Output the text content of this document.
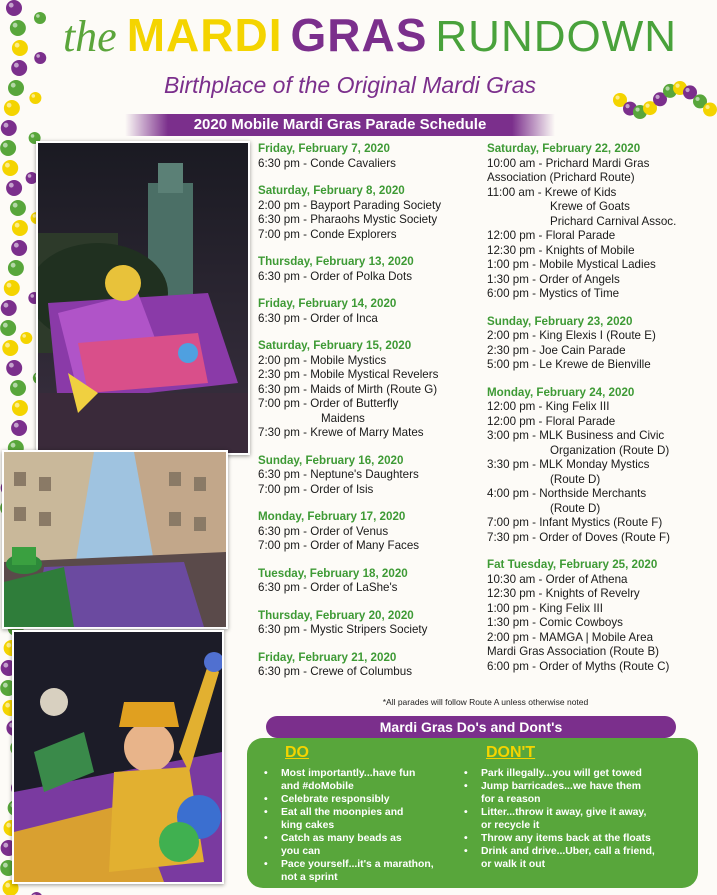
the MARDI GRAS RUNDOWN
Birthplace of the Original Mardi Gras
2020 Mobile Mardi Gras Parade Schedule
Friday, February 7, 2020
6:30 pm - Conde Cavaliers
Saturday, February 8, 2020
2:00 pm - Bayport Parading Society
6:30 pm - Pharaohs Mystic Society
7:00 pm - Conde Explorers
Thursday, February 13, 2020
6:30 pm - Order of Polka Dots
Friday, February 14, 2020
6:30 pm - Order of Inca
Saturday, February 15, 2020
2:00 pm - Mobile Mystics
2:30 pm - Mobile Mystical Revelers
6:30 pm - Maids of Mirth (Route G)
7:00 pm - Order of Butterfly
Maidens
7:30 pm - Krewe of Marry Mates
Sunday, February 16, 2020
6:30 pm - Neptune's Daughters
7:00 pm - Order of Isis
Monday, February 17, 2020
6:30 pm - Order of Venus
7:00 pm - Order of Many Faces
Tuesday, February 18, 2020
6:30 pm - Order of LaShe's
Thursday, February 20, 2020
6:30 pm - Mystic Stripers Society
Friday, February 21, 2020
6:30 pm - Crewe of Columbus
Saturday, February 22, 2020
10:00 am - Prichard Mardi Gras
Association (Prichard Route)
11:00 am - Krewe of Kids
Krewe of Goats
Prichard Carnival Assoc.
12:00 pm - Floral Parade
12:30 pm - Knights of Mobile
1:00 pm - Mobile Mystical Ladies
1:30 pm - Order of Angels
6:00 pm - Mystics of Time
Sunday, February 23, 2020
2:00 pm - King Elexis I (Route E)
2:30 pm - Joe Cain Parade
5:00 pm - Le Krewe de Bienville
Monday, February 24, 2020
12:00 pm - King Felix III
12:00 pm - Floral Parade
3:00 pm - MLK Business and Civic
Organization (Route D)
3:30 pm - MLK Monday Mystics
(Route D)
4:00 pm - Northside Merchants
(Route D)
7:00 pm - Infant Mystics (Route F)
7:30 pm - Order of Doves (Route F)
Fat Tuesday, February 25, 2020
10:30 am - Order of Athena
12:30 pm - Knights of Revelry
1:00 pm - King Felix III
1:30 pm - Comic Cowboys
2:00 pm - MAMGA | Mobile Area
Mardi Gras Association (Route B)
6:00 pm - Order of Myths (Route C)
*All parades will follow Route A unless otherwise noted
Mardi Gras Do's and Dont's
DO	DON'T
• Most importantly...have fun
and #doMobile
• Celebrate responsibly
• Eat all the moonpies and
king cakes
• Catch as many beads as
you can
• Pace yourself...it's a marathon,
not a sprint
• Park illegally...you will get towed
• Jump barricades...we have them
for a reason
• Litter...throw it away, give it away,
or recycle it
• Throw any items back at the floats
• Drink and drive...Uber, call a friend,
or walk it out
